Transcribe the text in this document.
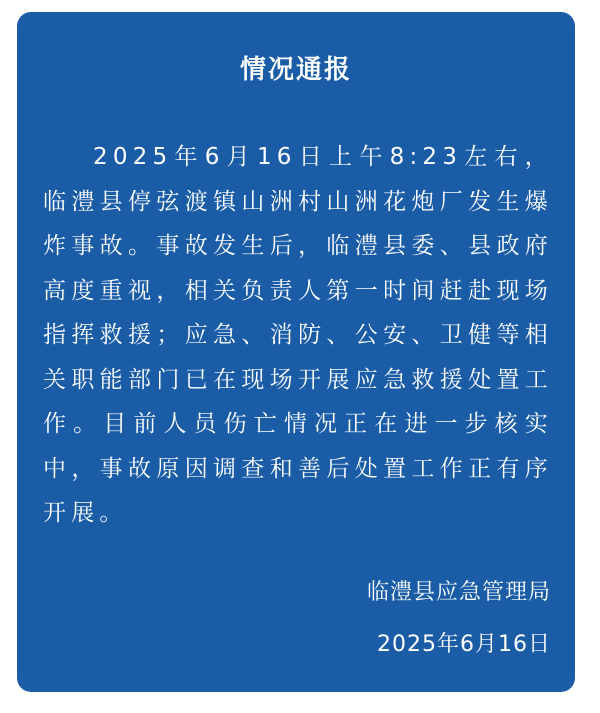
情况通报

2025年6月16日上午8:23左右，临澧县停弦渡镇山洲村山洲花炮厂发生爆炸事故。事故发生后，临澧县委、县政府高度重视，相关负责人第一时间赶赴现场指挥救援；应急、消防、公安、卫健等相关职能部门已在现场开展应急救援处置工作。目前人员伤亡情况正在进一步核实中，事故原因调查和善后处置工作正有序开展。

临澧县应急管理局
2025年6月16日
